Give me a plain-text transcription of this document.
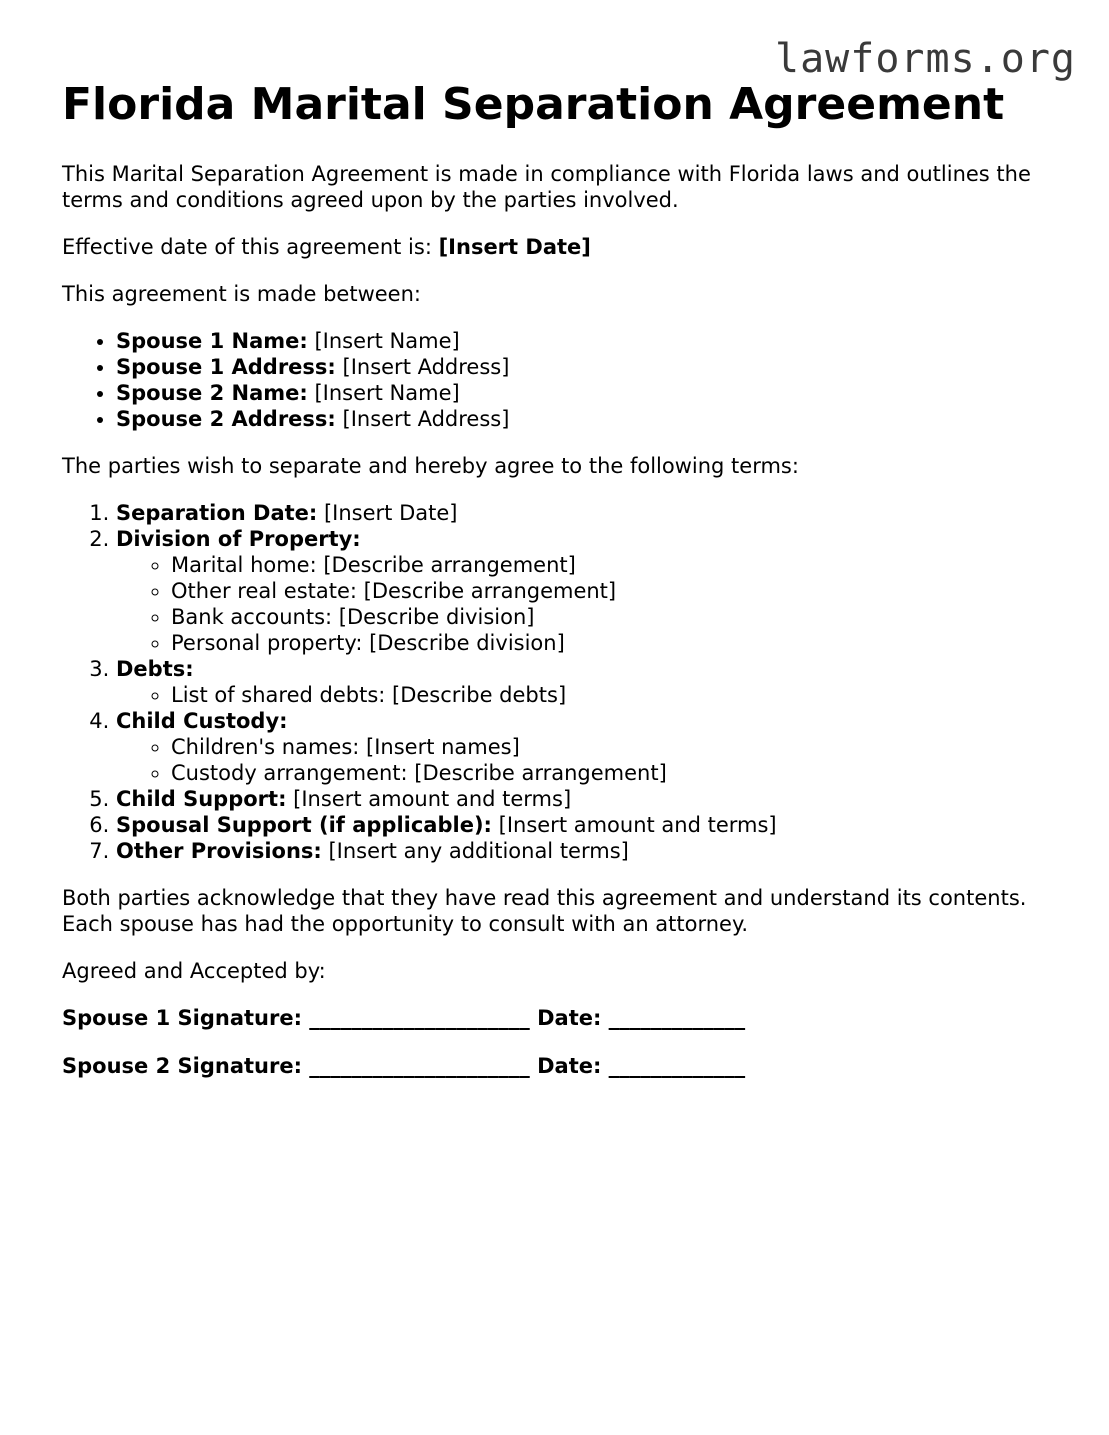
lawforms.org
Florida Marital Separation Agreement

This Marital Separation Agreement is made in compliance with Florida laws and outlines the terms and conditions agreed upon by the parties involved.

Effective date of this agreement is: [Insert Date]

This agreement is made between:

• Spouse 1 Name: [Insert Name]
• Spouse 1 Address: [Insert Address]
• Spouse 2 Name: [Insert Name]
• Spouse 2 Address: [Insert Address]

The parties wish to separate and hereby agree to the following terms:

1. Separation Date: [Insert Date]
2. Division of Property:
◦ Marital home: [Describe arrangement]
◦ Other real estate: [Describe arrangement]
◦ Bank accounts: [Describe division]
◦ Personal property: [Describe division]
3. Debts:
◦ List of shared debts: [Describe debts]
4. Child Custody:
◦ Children's names: [Insert names]
◦ Custody arrangement: [Describe arrangement]
5. Child Support: [Insert amount and terms]
6. Spousal Support (if applicable): [Insert amount and terms]
7. Other Provisions: [Insert any additional terms]

Both parties acknowledge that they have read this agreement and understand its contents. Each spouse has had the opportunity to consult with an attorney.

Agreed and Accepted by:

Spouse 1 Signature: _____________________ Date: _____________

Spouse 2 Signature: _____________________ Date: _____________
